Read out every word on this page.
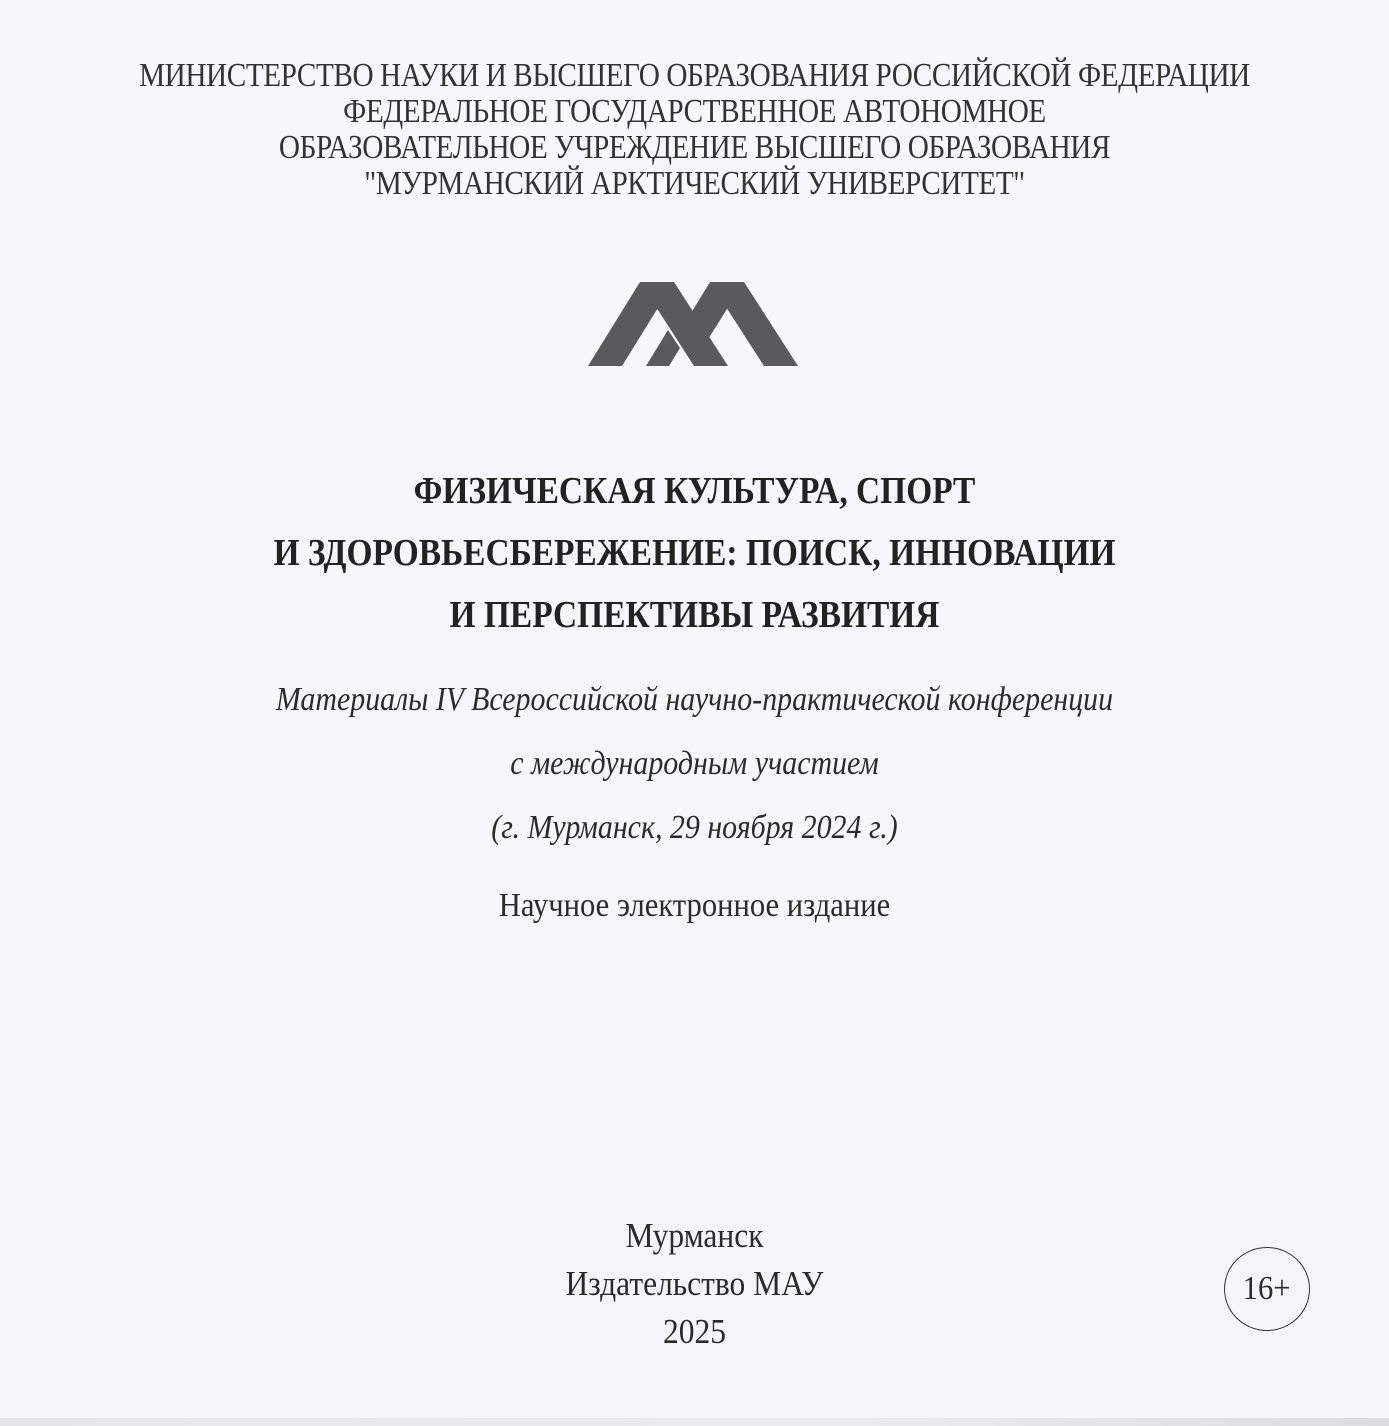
МИНИСТЕРСТВО НАУКИ И ВЫСШЕГО ОБРАЗОВАНИЯ РОССИЙСКОЙ ФЕДЕРАЦИИ
ФЕДЕРАЛЬНОЕ ГОСУДАРСТВЕННОЕ АВТОНОМНОЕ
ОБРАЗОВАТЕЛЬНОЕ УЧРЕЖДЕНИЕ ВЫСШЕГО ОБРАЗОВАНИЯ
"МУРМАНСКИЙ АРКТИЧЕСКИЙ УНИВЕРСИТЕТ"
ФИЗИЧЕСКАЯ КУЛЬТУРА, СПОРТ
И ЗДОРОВЬЕСБЕРЕЖЕНИЕ: ПОИСК, ИННОВАЦИИ
И ПЕРСПЕКТИВЫ РАЗВИТИЯ
Материалы IV Всероссийской научно-практической конференции
с международным участием
(г. Мурманск, 29 ноября 2024 г.)
Научное электронное издание
Мурманск
Издательство МАУ
2025
16+
